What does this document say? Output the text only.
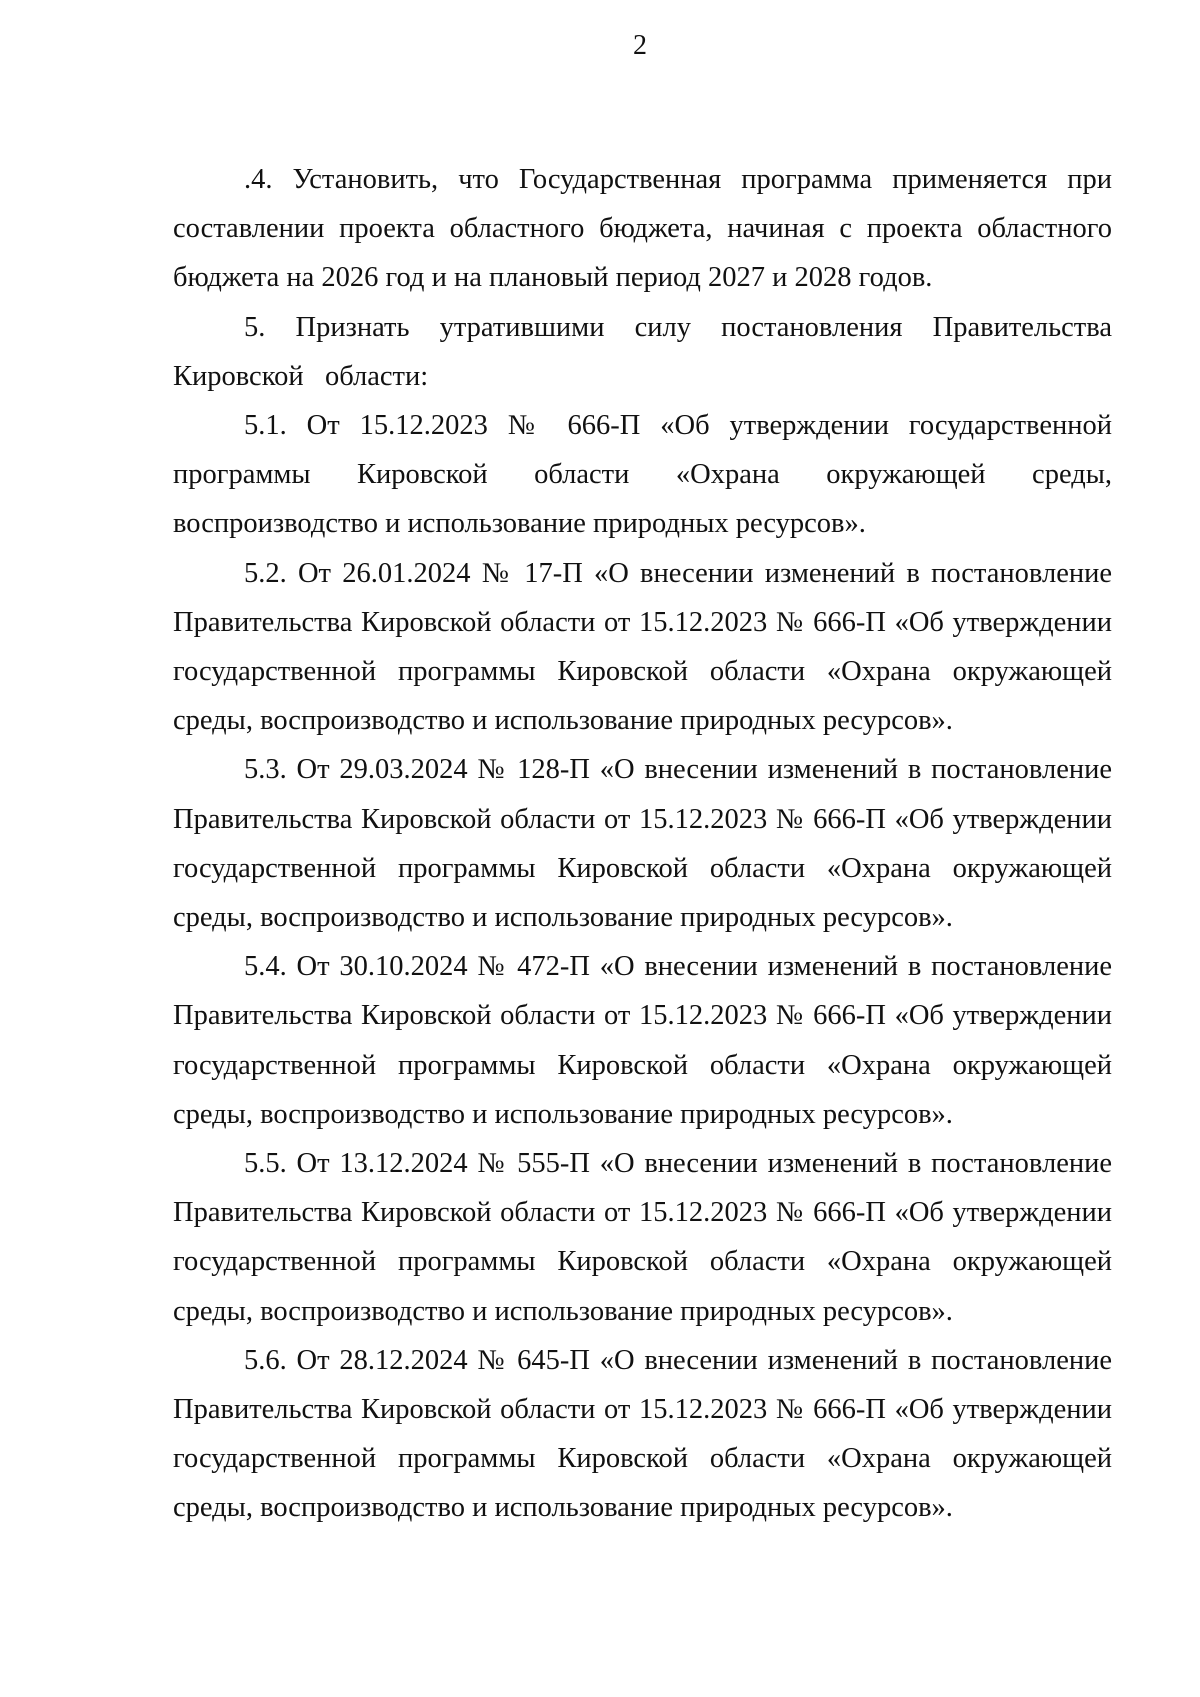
2

.4. Установить, что Государственная программа применяется при составлении проекта областного бюджета, начиная с проекта областного бюджета на 2026 год и на плановый период 2027 и 2028 годов.

5. Признать утратившими силу постановления Правительства Кировской области:

5.1. От 15.12.2023 № 666-П «Об утверждении государственной программы Кировской области «Охрана окружающей среды, воспроизводство и использование природных ресурсов».

5.2. От 26.01.2024 № 17-П «О внесении изменений в постановление Правительства Кировской области от 15.12.2023 № 666-П «Об утверждении государственной программы Кировской области «Охрана окружающей среды, воспроизводство и использование природных ресурсов».

5.3. От 29.03.2024 № 128-П «О внесении изменений в постановление Правительства Кировской области от 15.12.2023 № 666-П «Об утверждении государственной программы Кировской области «Охрана окружающей среды, воспроизводство и использование природных ресурсов».

5.4. От 30.10.2024 № 472-П «О внесении изменений в постановление Правительства Кировской области от 15.12.2023 № 666-П «Об утверждении государственной программы Кировской области «Охрана окружающей среды, воспроизводство и использование природных ресурсов».

5.5. От 13.12.2024 № 555-П «О внесении изменений в постановление Правительства Кировской области от 15.12.2023 № 666-П «Об утверждении государственной программы Кировской области «Охрана окружающей среды, воспроизводство и использование природных ресурсов».

5.6. От 28.12.2024 № 645-П «О внесении изменений в постановление Правительства Кировской области от 15.12.2023 № 666-П «Об утверждении государственной программы Кировской области «Охрана окружающей среды, воспроизводство и использование природных ресурсов».
